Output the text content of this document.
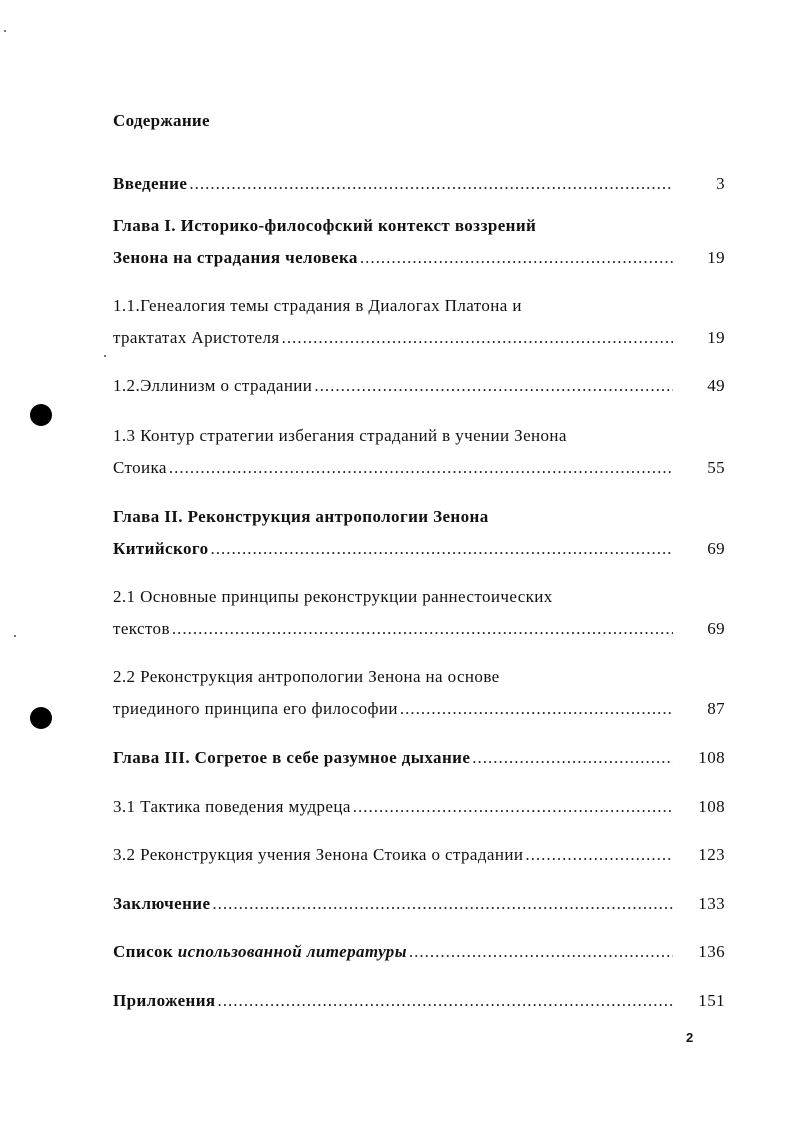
Содержание
Введение .....	3
Глава I. Историко-философский контекст воззрений
Зенона на страдания человека .....	19
1.1.Генеалогия темы страдания в Диалогах Платона и
трактатах Аристотеля .....	19
1.2.Эллинизм о страдании .....	49
1.3 Контур стратегии избегания страданий в учении Зенона
Стоика .....	55
Глава II. Реконструкция антропологии Зенона
Китийского .....	69
2.1 Основные принципы реконструкции раннестоических
текстов .....	69
2.2 Реконструкция антропологии Зенона на основе
триединого принципа его философии .....	87
Глава III. Согретое в себе разумное дыхание .....	108
3.1 Тактика поведения мудреца .....	108
3.2 Реконструкция учения Зенона Стоика о страдании .....	123
Заключение .....	133
Список использованной литературы .....	136
Приложения .....	151
2
